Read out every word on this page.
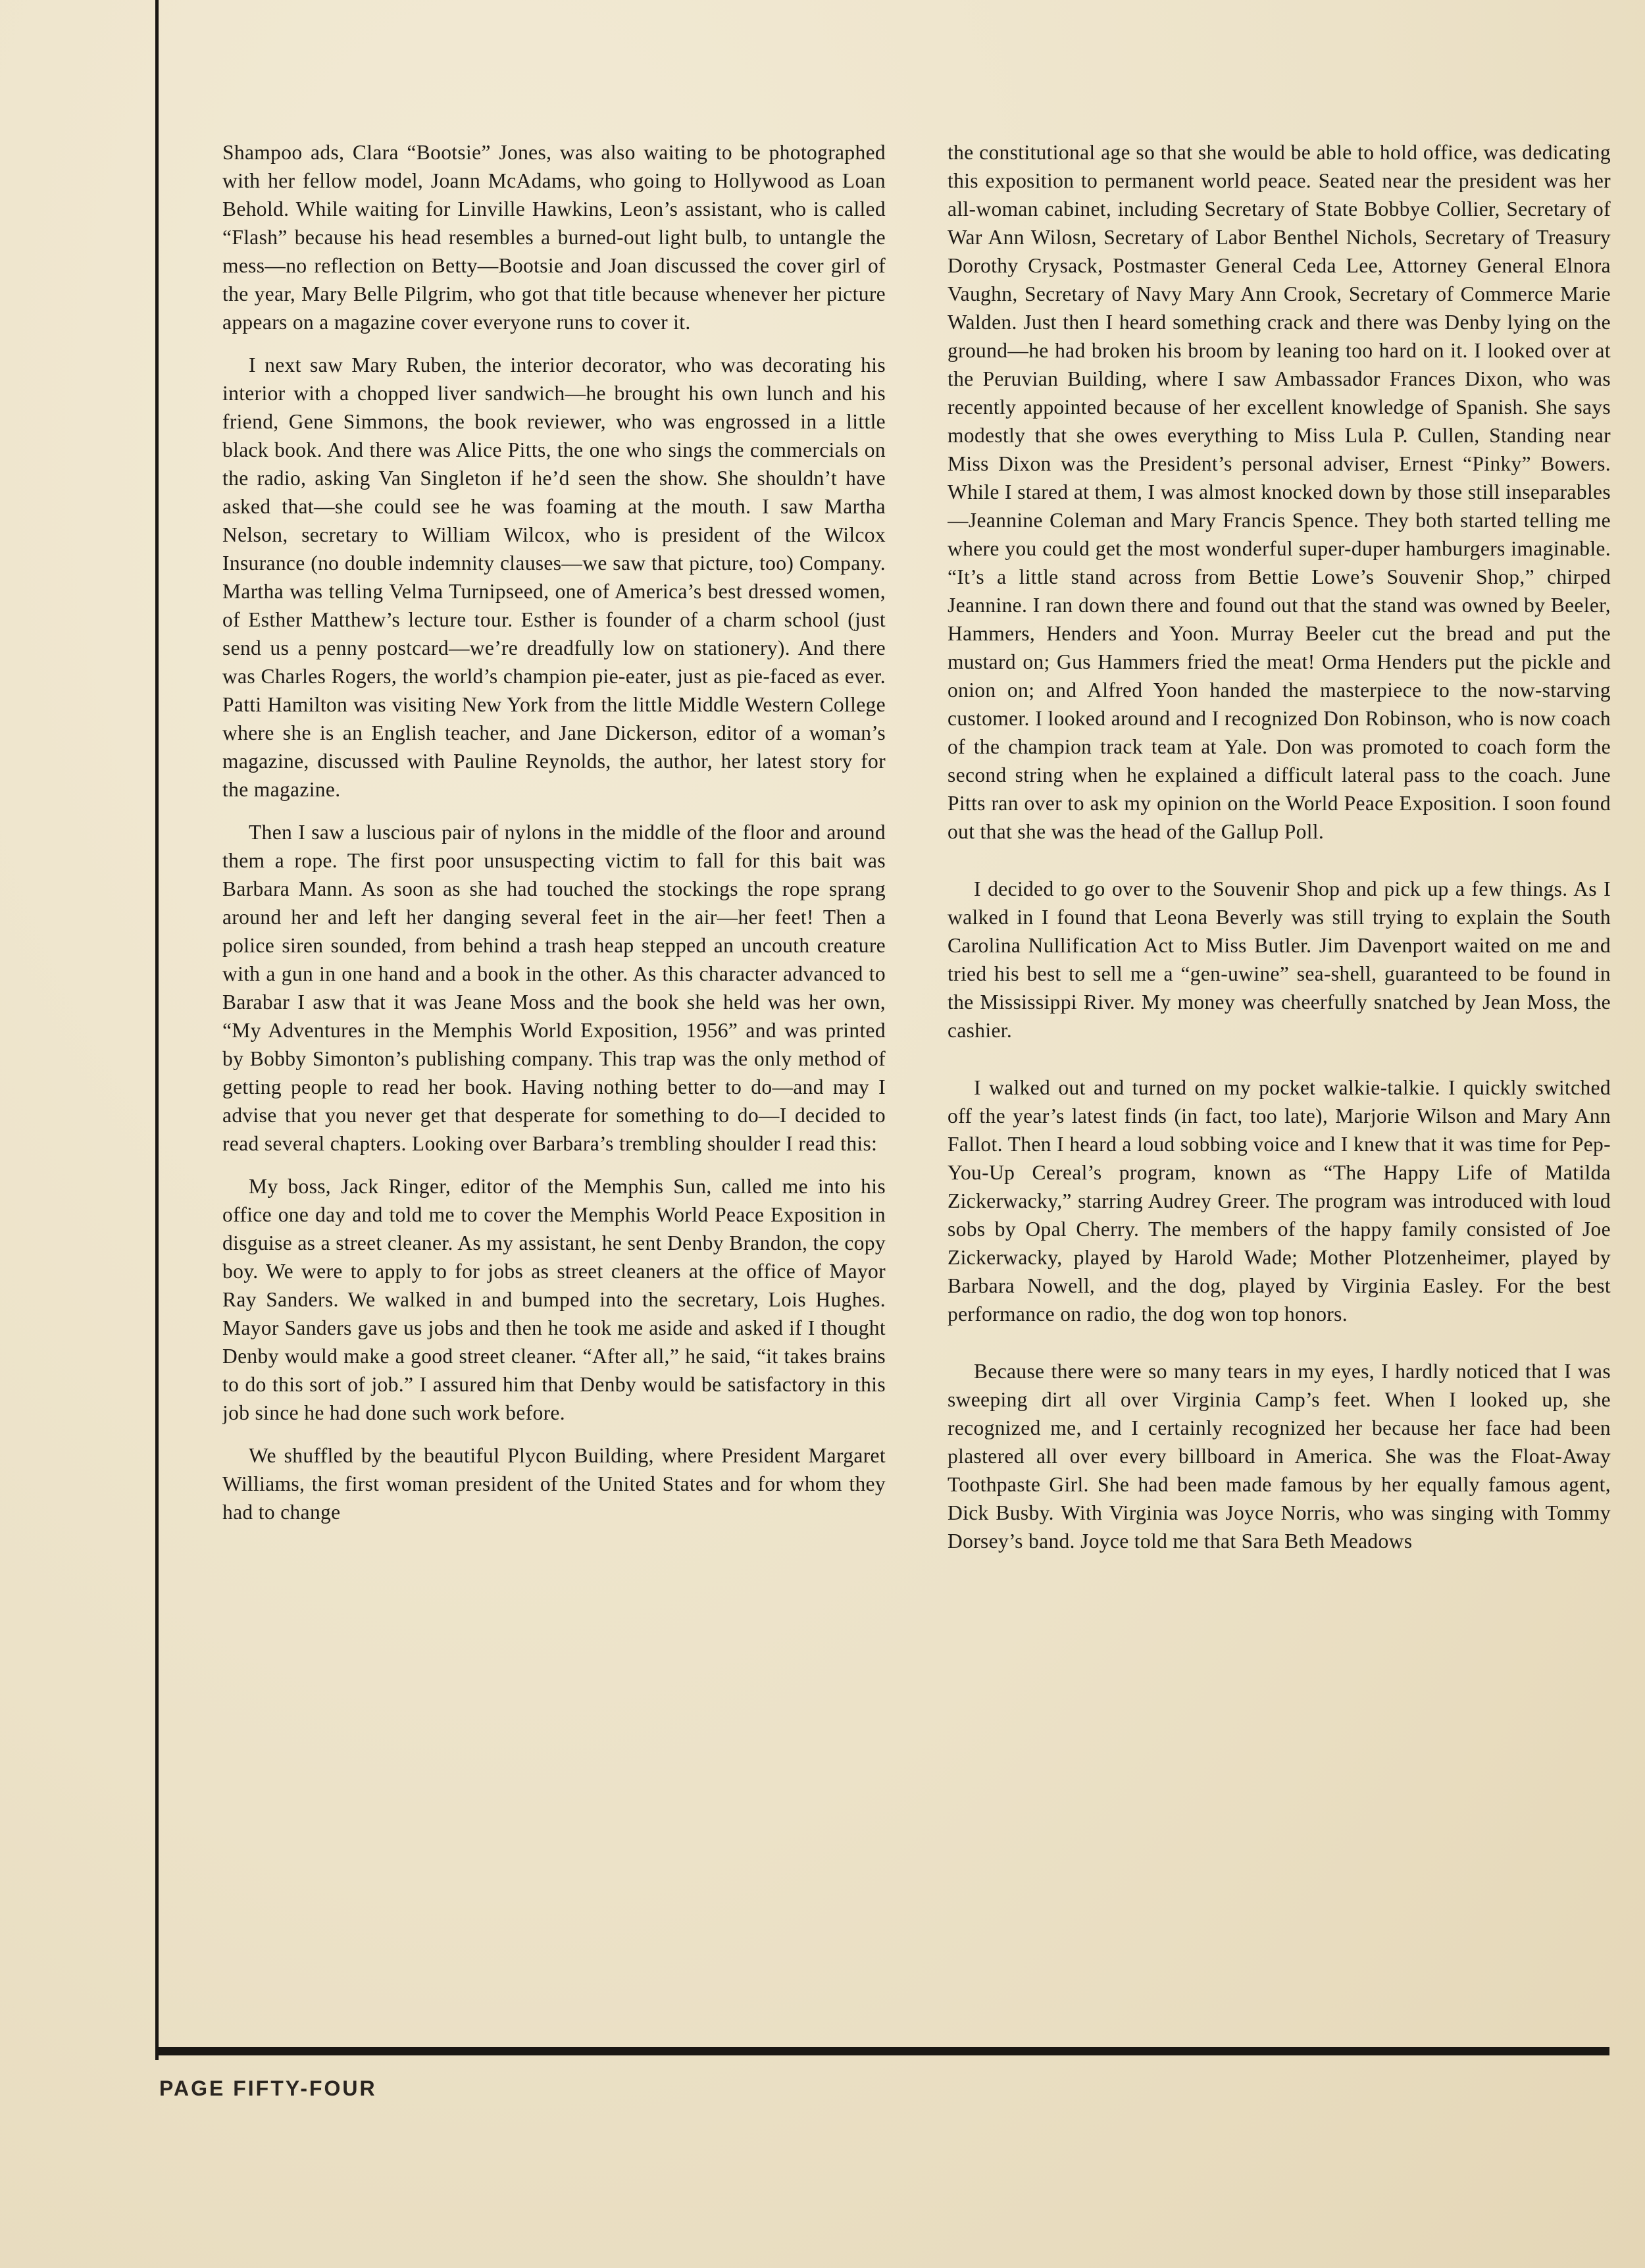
Shampoo ads, Clara “Bootsie” Jones, was also waiting to be photographed with her fellow model, Joann McAdams, who going to Hollywood as Loan Behold. While waiting for Linville Hawkins, Leon’s assistant, who is called “Flash” because his head resembles a burned-out light bulb, to untangle the mess—no reflection on Betty—Bootsie and Joan discussed the cover girl of the year, Mary Belle Pilgrim, who got that title because whenever her picture appears on a magazine cover everyone runs to cover it.

I next saw Mary Ruben, the interior decorator, who was decorating his interior with a chopped liver sandwich—he brought his own lunch and his friend, Gene Simmons, the book reviewer, who was engrossed in a little black book. And there was Alice Pitts, the one who sings the commercials on the radio, asking Van Singleton if he’d seen the show. She shouldn’t have asked that—she could see he was foaming at the mouth. I saw Martha Nelson, secretary to William Wilcox, who is president of the Wilcox Insurance (no double indemnity clauses—we saw that picture, too) Company. Martha was telling Velma Turnipseed, one of America’s best dressed women, of Esther Matthew’s lecture tour. Esther is founder of a charm school (just send us a penny postcard—we’re dreadfully low on stationery). And there was Charles Rogers, the world’s champion pie-eater, just as pie-faced as ever. Patti Hamilton was visiting New York from the little Middle Western College where she is an English teacher, and Jane Dickerson, editor of a woman’s magazine, discussed with Pauline Reynolds, the author, her latest story for the magazine.

Then I saw a luscious pair of nylons in the middle of the floor and around them a rope. The first poor unsuspecting victim to fall for this bait was Barbara Mann. As soon as she had touched the stockings the rope sprang around her and left her danging several feet in the air—her feet! Then a police siren sounded, from behind a trash heap stepped an uncouth creature with a gun in one hand and a book in the other. As this character advanced to Barabar I asw that it was Jeane Moss and the book she held was her own, “My Adventures in the Memphis World Exposition, 1956” and was printed by Bobby Simonton’s publishing company. This trap was the only method of getting people to read her book. Having nothing better to do—and may I advise that you never get that desperate for something to do—I decided to read several chapters. Looking over Barbara’s trembling shoulder I read this:

My boss, Jack Ringer, editor of the Memphis Sun, called me into his office one day and told me to cover the Memphis World Peace Exposition in disguise as a street cleaner. As my assistant, he sent Denby Brandon, the copy boy. We were to apply to for jobs as street cleaners at the office of Mayor Ray Sanders. We walked in and bumped into the secretary, Lois Hughes. Mayor Sanders gave us jobs and then he took me aside and asked if I thought Denby would make a good street cleaner. “After all,” he said, “it takes brains to do this sort of job.” I assured him that Denby would be satisfactory in this job since he had done such work before.

We shuffled by the beautiful Plycon Building, where President Margaret Williams, the first woman president of the United States and for whom they had to change

the constitutional age so that she would be able to hold office, was dedicating this exposition to permanent world peace. Seated near the president was her all-woman cabinet, including Secretary of State Bobbye Collier, Secretary of War Ann Wilosn, Secretary of Labor Benthel Nichols, Secretary of Treasury Dorothy Crysack, Postmaster General Ceda Lee, Attorney General Elnora Vaughn, Secretary of Navy Mary Ann Crook, Secretary of Commerce Marie Walden. Just then I heard something crack and there was Denby lying on the ground—he had broken his broom by leaning too hard on it. I looked over at the Peruvian Building, where I saw Ambassador Frances Dixon, who was recently appointed because of her excellent knowledge of Spanish. She says modestly that she owes everything to Miss Lula P. Cullen, Standing near Miss Dixon was the President’s personal adviser, Ernest “Pinky” Bowers. While I stared at them, I was almost knocked down by those still inseparables—Jeannine Coleman and Mary Francis Spence. They both started telling me where you could get the most wonderful super-duper hamburgers imaginable. “It’s a little stand across from Bettie Lowe’s Souvenir Shop,” chirped Jeannine. I ran down there and found out that the stand was owned by Beeler, Hammers, Henders and Yoon. Murray Beeler cut the bread and put the mustard on; Gus Hammers fried the meat! Orma Henders put the pickle and onion on; and Alfred Yoon handed the masterpiece to the now-starving customer. I looked around and I recognized Don Robinson, who is now coach of the champion track team at Yale. Don was promoted to coach form the second string when he explained a difficult lateral pass to the coach. June Pitts ran over to ask my opinion on the World Peace Exposition. I soon found out that she was the head of the Gallup Poll.

I decided to go over to the Souvenir Shop and pick up a few things. As I walked in I found that Leona Beverly was still trying to explain the South Carolina Nullification Act to Miss Butler. Jim Davenport waited on me and tried his best to sell me a “gen-uwine” sea-shell, guaranteed to be found in the Mississippi River. My money was cheerfully snatched by Jean Moss, the cashier.

I walked out and turned on my pocket walkie-talkie. I quickly switched off the year’s latest finds (in fact, too late), Marjorie Wilson and Mary Ann Fallot. Then I heard a loud sobbing voice and I knew that it was time for Pep-You-Up Cereal’s program, known as “The Happy Life of Matilda Zickerwacky,” starring Audrey Greer. The program was introduced with loud sobs by Opal Cherry. The members of the happy family consisted of Joe Zickerwacky, played by Harold Wade; Mother Plotzenheimer, played by Barbara Nowell, and the dog, played by Virginia Easley. For the best performance on radio, the dog won top honors.

Because there were so many tears in my eyes, I hardly noticed that I was sweeping dirt all over Virginia Camp’s feet. When I looked up, she recognized me, and I certainly recognized her because her face had been plastered all over every billboard in America. She was the Float-Away Toothpaste Girl. She had been made famous by her equally famous agent, Dick Busby. With Virginia was Joyce Norris, who was singing with Tommy Dorsey’s band. Joyce told me that Sara Beth Meadows

PAGE FIFTY-FOUR
